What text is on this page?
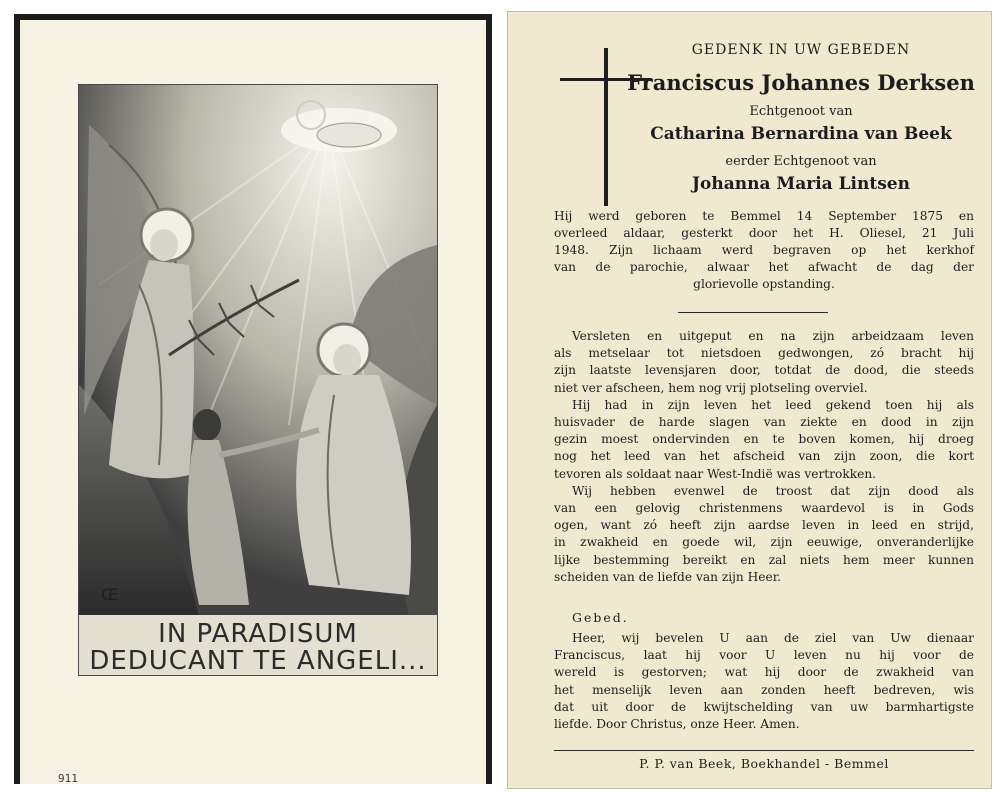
Œ
IN PARADISUM
DEDUCANT TE ANGELI...
911
GEDENK IN UW GEBEDEN
Franciscus Johannes Derksen
Echtgenoot van
Catharina Bernardina van Beek
eerder Echtgenoot van
Johanna Maria Lintsen
Hij werd geboren te Bemmel 14 September 1875 en
overleed aldaar, gesterkt door het H. Oliesel, 21 Juli
1948. Zijn lichaam werd begraven op het kerkhof
van de parochie, alwaar het afwacht de dag der
glorievolle opstanding.
Versleten en uitgeput en na zijn arbeidzaam leven
als metselaar tot nietsdoen gedwongen, zó bracht hij
zijn laatste levensjaren door, totdat de dood, die steeds
niet ver afscheen, hem nog vrij plotseling overviel.
Hij had in zijn leven het leed gekend toen hij als
huisvader de harde slagen van ziekte en dood in zijn
gezin moest ondervinden en te boven komen, hij droeg
nog het leed van het afscheid van zijn zoon, die kort
tevoren als soldaat naar West-Indië was vertrokken.
Wij hebben evenwel de troost dat zijn dood als
van een gelovig christenmens waardevol is in Gods
ogen, want zó heeft zijn aardse leven in leed en strijd,
in zwakheid en goede wil, zijn eeuwige, onveranderlijke
lijke bestemming bereikt en zal niets hem meer kunnen
scheiden van de liefde van zijn Heer.
Gebed.
Heer, wij bevelen U aan de ziel van Uw dienaar
Franciscus, laat hij voor U leven nu hij voor de
wereld is gestorven; wat hij door de zwakheid van
het menselijk leven aan zonden heeft bedreven, wis
dat uit door de kwijtschelding van uw barmhartigste
liefde. Door Christus, onze Heer. Amen.
P. P. van Beek, Boekhandel - Bemmel
